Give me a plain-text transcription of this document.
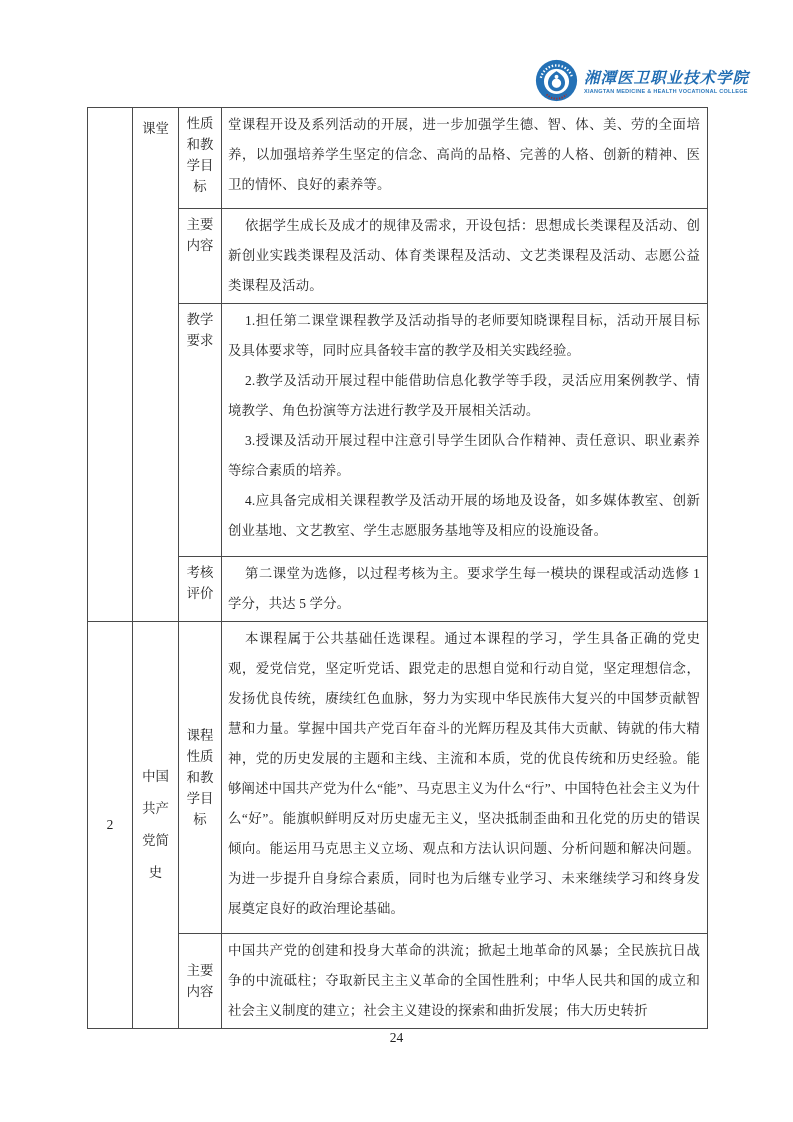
湘潭医卫职业技术学院
XIANGTAN MEDICINE & HEALTH VOCATIONAL COLLEGE
	课堂	性质和教学目标	堂课程开设及系列活动的开展，进一步加强学生德、智、体、美、劳的全面培养，以加强培养学生坚定的信念、高尚的品格、完善的人格、创新的精神、医卫的情怀、良好的素养等。

		主要内容	依据学生成长及成才的规律及需求，开设包括：思想成长类课程及活动、创新创业实践类课程及活动、体育类课程及活动、文艺类课程及活动、志愿公益类课程及活动。

		教学要求	1.担任第二课堂课程教学及活动指导的老师要知晓课程目标，活动开展目标及具体要求等，同时应具备较丰富的教学及相关实践经验。

2.教学及活动开展过程中能借助信息化教学等手段，灵活应用案例教学、情境教学、角色扮演等方法进行教学及开展相关活动。

3.授课及活动开展过程中注意引导学生团队合作精神、责任意识、职业素养等综合素质的培养。

4.应具备完成相关课程教学及活动开展的场地及设备，如多媒体教室、创新创业基地、文艺教室、学生志愿服务基地等及相应的设施设备。

		考核评价	第二课堂为选修，以过程考核为主。要求学生每一模块的课程或活动选修 1 学分，共达 5 学分。

2	中国共产党简史	课程性质和教学目标	本课程属于公共基础任选课程。通过本课程的学习，学生具备正确的党史观，爱党信党，坚定听党话、跟党走的思想自觉和行动自觉，坚定理想信念，发扬优良传统，赓续红色血脉，努力为实现中华民族伟大复兴的中国梦贡献智慧和力量。掌握中国共产党百年奋斗的光辉历程及其伟大贡献、铸就的伟大精神，党的历史发展的主题和主线、主流和本质，党的优良传统和历史经验。能够阐述中国共产党为什么“能”、马克思主义为什么“行”、中国特色社会主义为什么“好”。能旗帜鲜明反对历史虚无主义，坚决抵制歪曲和丑化党的历史的错误倾向。能运用马克思主义立场、观点和方法认识问题、分析问题和解决问题。为进一步提升自身综合素质，同时也为后继专业学习、未来继续学习和终身发展奠定良好的政治理论基础。

		主要内容	中国共产党的创建和投身大革命的洪流；掀起土地革命的风暴；全民族抗日战争的中流砥柱；夺取新民主主义革命的全国性胜利；中华人民共和国的成立和社会主义制度的建立；社会主义建设的探索和曲折发展；伟大历史转折

24
